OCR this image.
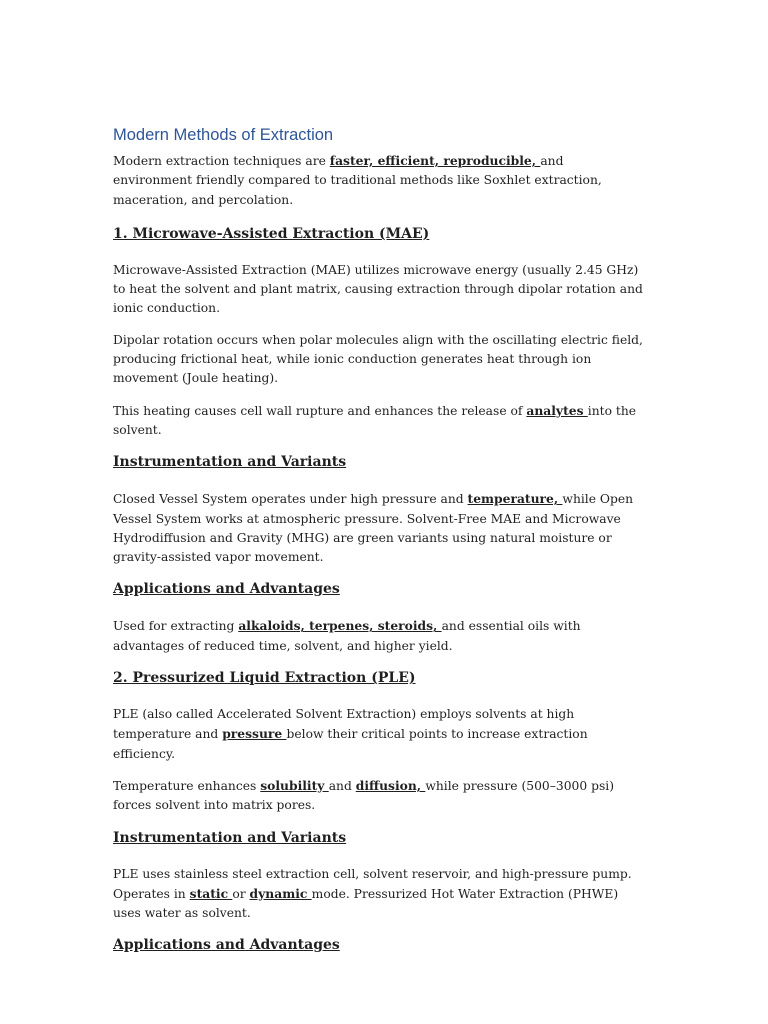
Modern Methods of Extraction

Modern extraction techniques are faster, efficient, reproducible, and environment friendly compared to traditional methods like Soxhlet extraction, maceration, and percolation.

1. Microwave-Assisted Extraction (MAE)

Microwave-Assisted Extraction (MAE) utilizes microwave energy (usually 2.45 GHz) to heat the solvent and plant matrix, causing extraction through dipolar rotation and ionic conduction.

Dipolar rotation occurs when polar molecules align with the oscillating electric field, producing frictional heat, while ionic conduction generates heat through ion movement (Joule heating).

This heating causes cell wall rupture and enhances the release of analytes into the solvent.

Instrumentation and Variants

Closed Vessel System operates under high pressure and temperature, while Open Vessel System works at atmospheric pressure. Solvent-Free MAE and Microwave Hydrodiffusion and Gravity (MHG) are green variants using natural moisture or gravity-assisted vapor movement.

Applications and Advantages

Used for extracting alkaloids, terpenes, steroids, and essential oils with advantages of reduced time, solvent, and higher yield.

2. Pressurized Liquid Extraction (PLE)

PLE (also called Accelerated Solvent Extraction) employs solvents at high temperature and pressure below their critical points to increase extraction efficiency.

Temperature enhances solubility and diffusion, while pressure (500–3000 psi) forces solvent into matrix pores.

Instrumentation and Variants

PLE uses stainless steel extraction cell, solvent reservoir, and high-pressure pump. Operates in static or dynamic mode. Pressurized Hot Water Extraction (PHWE) uses water as solvent.

Applications and Advantages
